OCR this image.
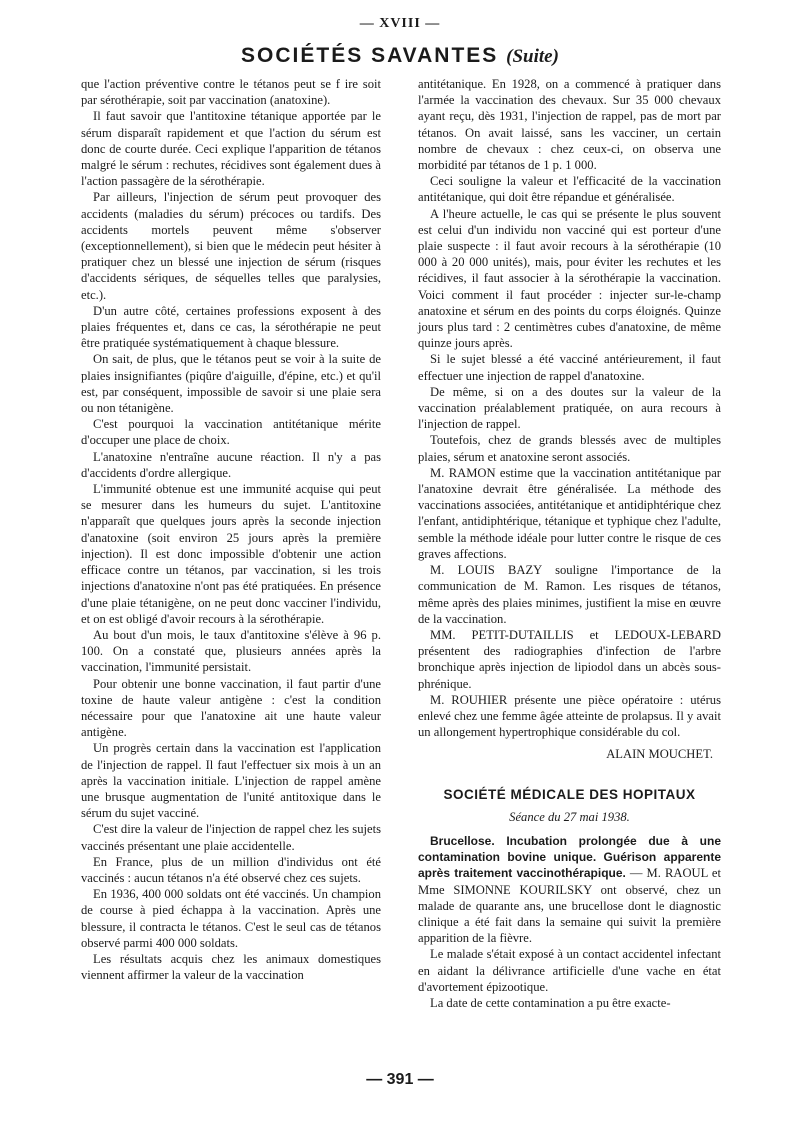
— XVIII —
SOCIÉTÉS SAVANTES (Suite)

que l'action préventive contre le tétanos peut se f ire soit par sérothérapie, soit par vaccination (anatoxine).

Il faut savoir que l'antitoxine tétanique apportée par le sérum disparaît rapidement et que l'action du sérum est donc de courte durée. Ceci explique l'apparition de tétanos malgré le sérum : rechutes, récidives sont également dues à l'action passagère de la sérothérapie.

Par ailleurs, l'injection de sérum peut provoquer des accidents (maladies du sérum) précoces ou tardifs. Des accidents mortels peuvent même s'observer (exceptionnellement), si bien que le médecin peut hésiter à pratiquer chez un blessé une injection de sérum (risques d'accidents sériques, de séquelles telles que paralysies, etc.).

D'un autre côté, certaines professions exposent à des plaies fréquentes et, dans ce cas, la sérothérapie ne peut être pratiquée systématiquement à chaque blessure.

On sait, de plus, que le tétanos peut se voir à la suite de plaies insignifiantes (piqûre d'aiguille, d'épine, etc.) et qu'il est, par conséquent, impossible de savoir si une plaie sera ou non tétanigène.

C'est pourquoi la vaccination antitétanique mérite d'occuper une place de choix.

L'anatoxine n'entraîne aucune réaction. Il n'y a pas d'accidents d'ordre allergique.

L'immunité obtenue est une immunité acquise qui peut se mesurer dans les humeurs du sujet. L'antitoxine n'apparaît que quelques jours après la seconde injection d'anatoxine (soit environ 25 jours après la première injection). Il est donc impossible d'obtenir une action efficace contre un tétanos, par vaccination, si les trois injections d'anatoxine n'ont pas été pratiquées. En présence d'une plaie tétanigène, on ne peut donc vacciner l'individu, et on est obligé d'avoir recours à la sérothérapie.

Au bout d'un mois, le taux d'antitoxine s'élève à 96 p. 100. On a constaté que, plusieurs années après la vaccination, l'immunité persistait.

Pour obtenir une bonne vaccination, il faut partir d'une toxine de haute valeur antigène : c'est la condition nécessaire pour que l'anatoxine ait une haute valeur antigène.

Un progrès certain dans la vaccination est l'application de l'injection de rappel. Il faut l'effectuer six mois à un an après la vaccination initiale. L'injection de rappel amène une brusque augmentation de l'unité antitoxique dans le sérum du sujet vacciné.

C'est dire la valeur de l'injection de rappel chez les sujets vaccinés présentant une plaie accidentelle.

En France, plus de un million d'individus ont été vaccinés : aucun tétanos n'a été observé chez ces sujets.

En 1936, 400 000 soldats ont été vaccinés. Un champion de course à pied échappa à la vaccination. Après une blessure, il contracta le tétanos. C'est le seul cas de tétanos observé parmi 400 000 soldats.

Les résultats acquis chez les animaux domestiques viennent affirmer la valeur de la vaccination

antitétanique. En 1928, on a commencé à pratiquer dans l'armée la vaccination des chevaux. Sur 35 000 chevaux ayant reçu, dès 1931, l'injection de rappel, pas de mort par tétanos. On avait laissé, sans les vacciner, un certain nombre de chevaux : chez ceux-ci, on observa une morbidité par tétanos de 1 p. 1 000.

Ceci souligne la valeur et l'efficacité de la vaccination antitétanique, qui doit être répandue et généralisée.

A l'heure actuelle, le cas qui se présente le plus souvent est celui d'un individu non vacciné qui est porteur d'une plaie suspecte : il faut avoir recours à la sérothérapie (10 000 à 20 000 unités), mais, pour éviter les rechutes et les récidives, il faut associer à la sérothérapie la vaccination. Voici comment il faut procéder : injecter sur-le-champ anatoxine et sérum en des points du corps éloignés. Quinze jours plus tard : 2 centimètres cubes d'anatoxine, de même quinze jours après.

Si le sujet blessé a été vacciné antérieurement, il faut effectuer une injection de rappel d'anatoxine.

De même, si on a des doutes sur la valeur de la vaccination préalablement pratiquée, on aura recours à l'injection de rappel.

Toutefois, chez de grands blessés avec de multiples plaies, sérum et anatoxine seront associés.

M. RAMON estime que la vaccination antitétanique par l'anatoxine devrait être généralisée. La méthode des vaccinations associées, antitétanique et antidiphtérique chez l'enfant, antidiphtérique, tétanique et typhique chez l'adulte, semble la méthode idéale pour lutter contre le risque de ces graves affections.

M. LOUIS BAZY souligne l'importance de la communication de M. Ramon. Les risques de tétanos, même après des plaies minimes, justifient la mise en œuvre de la vaccination.

MM. PETIT-DUTAILLIS et LEDOUX-LEBARD présentent des radiographies d'infection de l'arbre bronchique après injection de lipiodol dans un abcès sous-phrénique.

M. ROUHIER présente une pièce opératoire : utérus enlevé chez une femme âgée atteinte de prolapsus. Il y avait un allongement hypertrophique considérable du col.

ALAIN MOUCHET.

SOCIÉTÉ MÉDICALE DES HOPITAUX
Séance du 27 mai 1938.

Brucellose. Incubation prolongée due à une contamination bovine unique. Guérison apparente après traitement vaccinothérapique. — M. RAOUL et Mme SIMONNE KOURILSKY ont observé, chez un malade de quarante ans, une brucellose dont le diagnostic clinique a été fait dans la semaine qui suivit la première apparition de la fièvre.

Le malade s'était exposé à un contact accidentel infectant en aidant la délivrance artificielle d'une vache en état d'avortement épizootique.

La date de cette contamination a pu être exacte-

— 391 —
